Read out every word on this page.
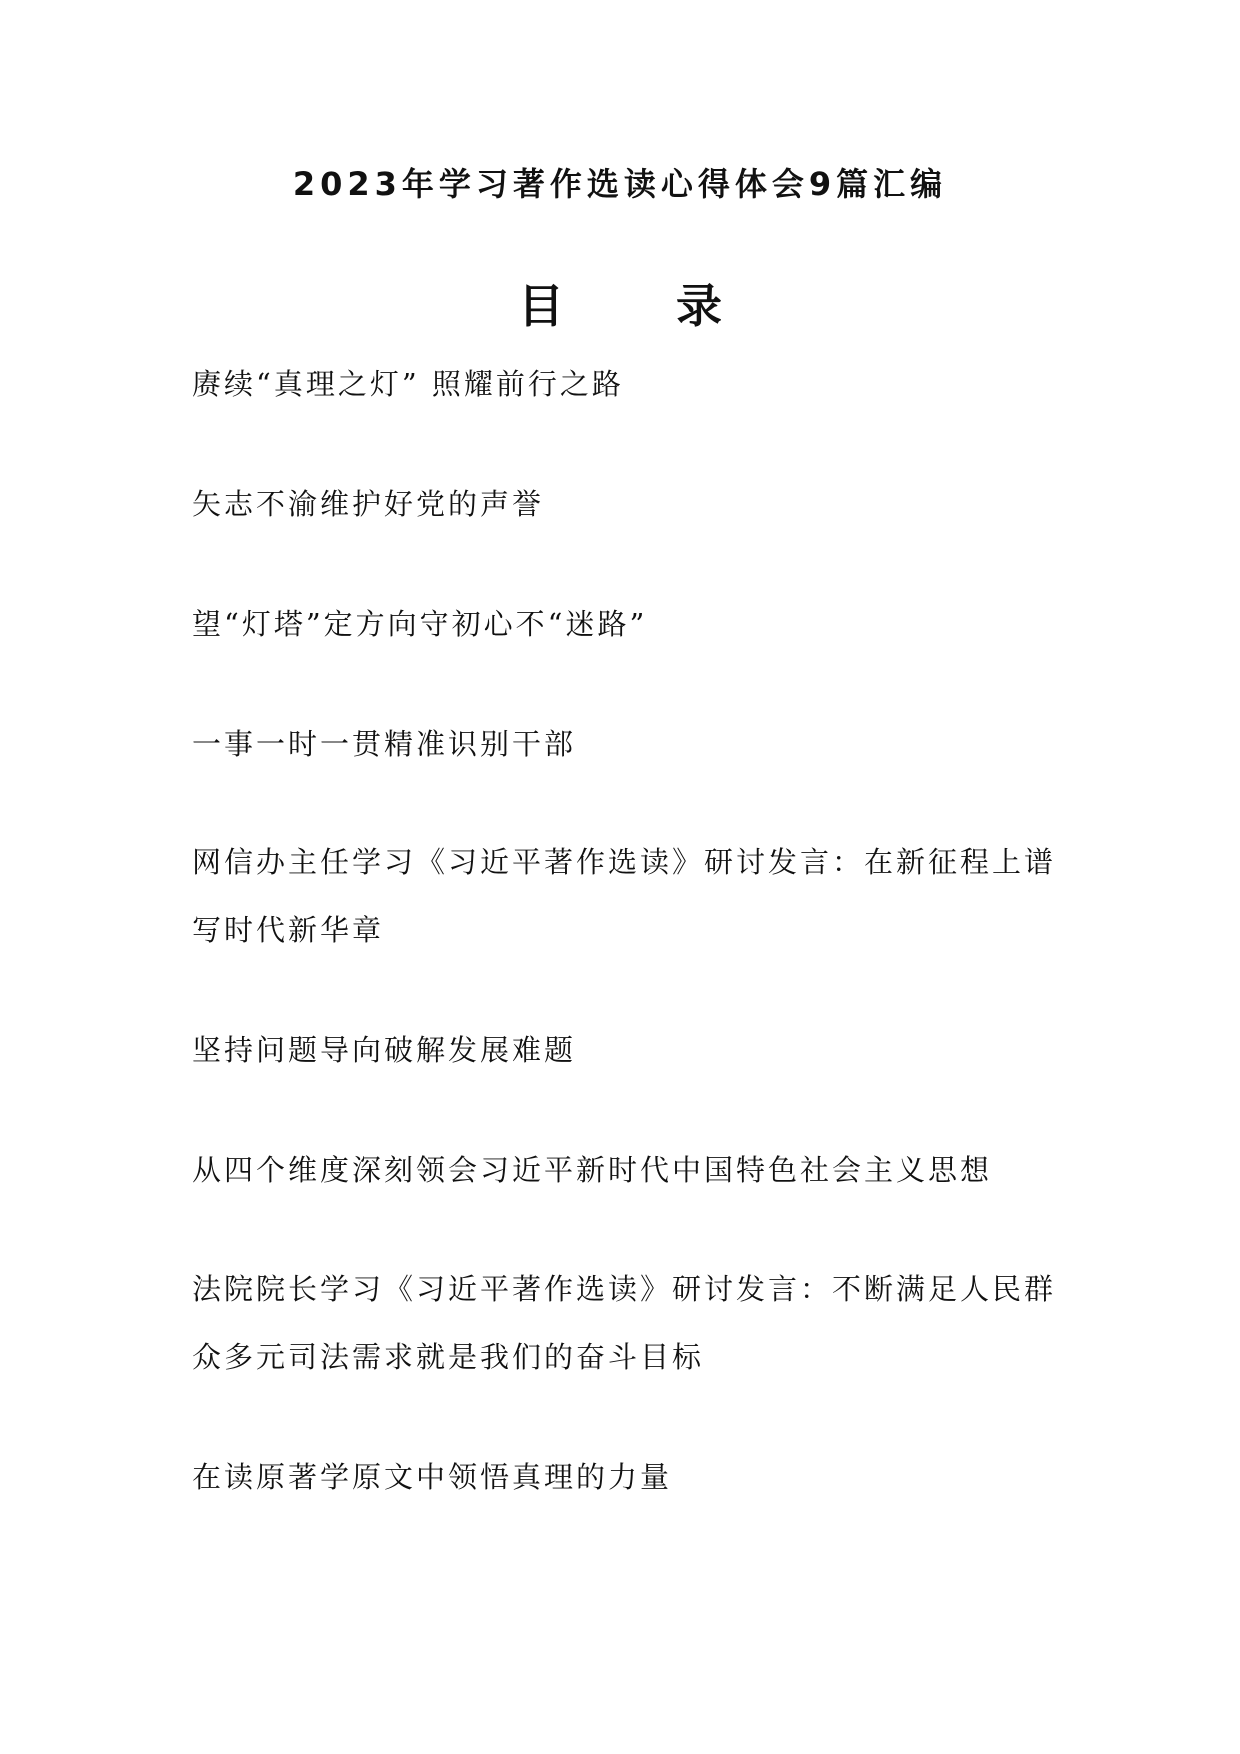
2023年学习著作选读心得体会9篇汇编
目 录
赓续“真理之灯” 照耀前行之路
矢志不渝维护好党的声誉
望“灯塔”定方向守初心不“迷路”
一事一时一贯精准识别干部
网信办主任学习《习近平著作选读》研讨发言：在新征程上谱写时代新华章
坚持问题导向破解发展难题
从四个维度深刻领会习近平新时代中国特色社会主义思想
法院院长学习《习近平著作选读》研讨发言：不断满足人民群众多元司法需求就是我们的奋斗目标
在读原著学原文中领悟真理的力量
